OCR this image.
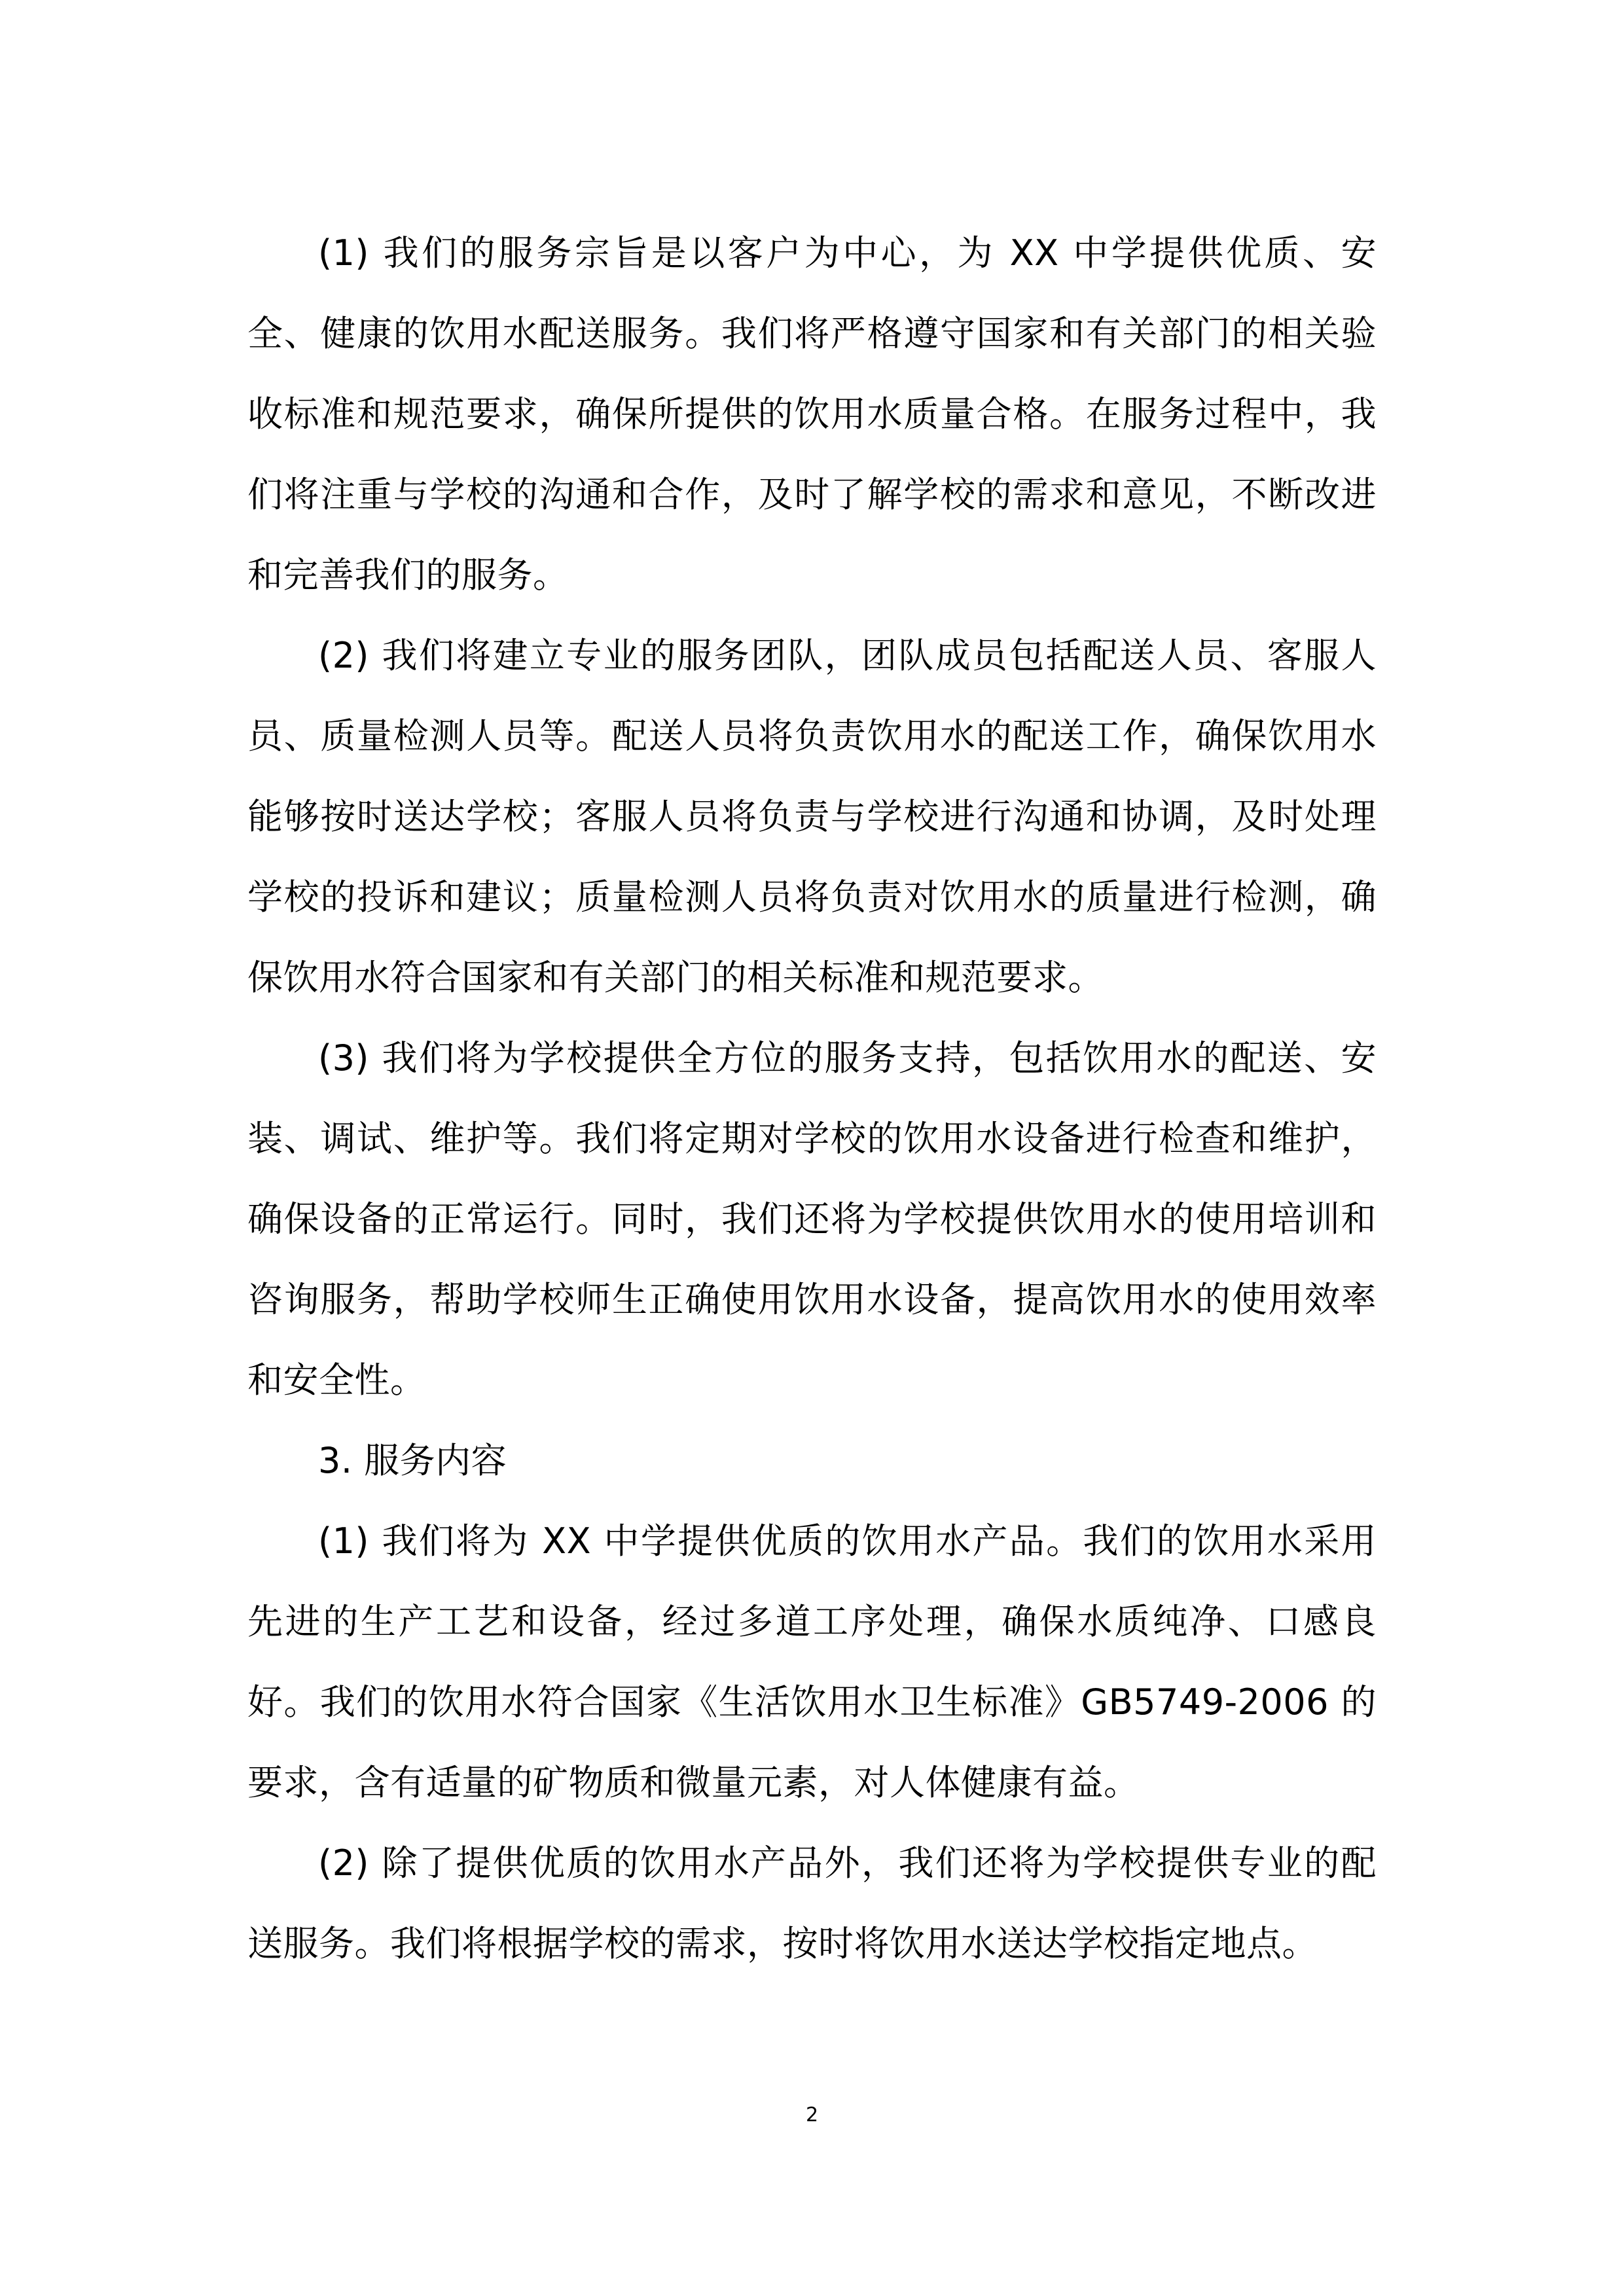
(1) 我们的服务宗旨是以客户为中心，为 XX 中学提供优质、安全、健康的饮用水配送服务。我们将严格遵守国家和有关部门的相关验收标准和规范要求，确保所提供的饮用水质量合格。在服务过程中，我们将注重与学校的沟通和合作，及时了解学校的需求和意见，不断改进和完善我们的服务。

(2) 我们将建立专业的服务团队，团队成员包括配送人员、客服人员、质量检测人员等。配送人员将负责饮用水的配送工作，确保饮用水能够按时送达学校；客服人员将负责与学校进行沟通和协调，及时处理学校的投诉和建议；质量检测人员将负责对饮用水的质量进行检测，确保饮用水符合国家和有关部门的相关标准和规范要求。

(3) 我们将为学校提供全方位的服务支持，包括饮用水的配送、安装、调试、维护等。我们将定期对学校的饮用水设备进行检查和维护，确保设备的正常运行。同时，我们还将为学校提供饮用水的使用培训和咨询服务，帮助学校师生正确使用饮用水设备，提高饮用水的使用效率和安全性。

3. 服务内容

(1) 我们将为 XX 中学提供优质的饮用水产品。我们的饮用水采用先进的生产工艺和设备，经过多道工序处理，确保水质纯净、口感良好。我们的饮用水符合国家《生活饮用水卫生标准》GB5749-2006 的要求，含有适量的矿物质和微量元素，对人体健康有益。

(2) 除了提供优质的饮用水产品外，我们还将为学校提供专业的配送服务。我们将根据学校的需求，按时将饮用水送达学校指定地点。

2
